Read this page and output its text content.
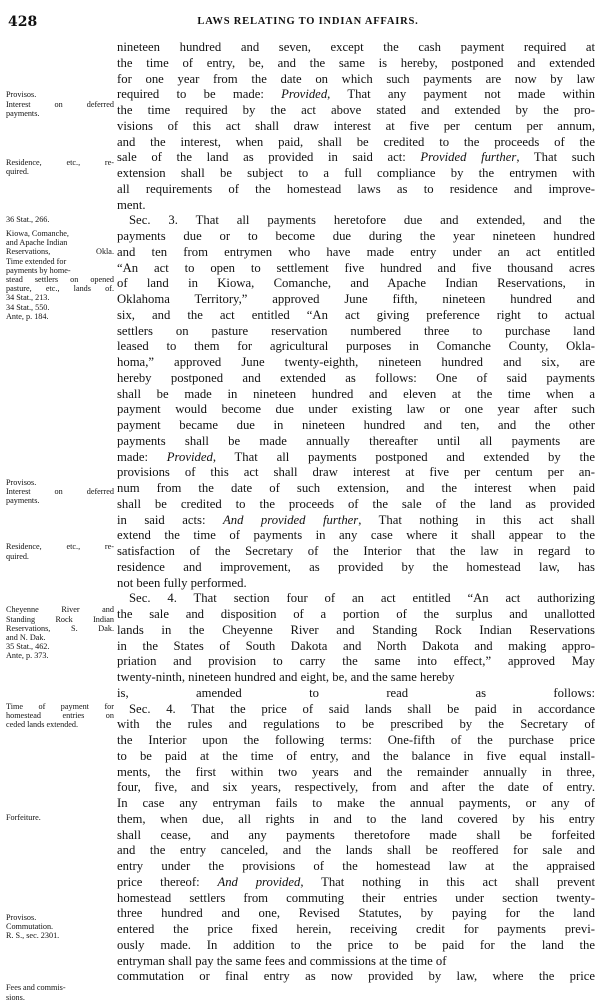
428	LAWS RELATING TO INDIAN AFFAIRS.
Provisos.
Interest on deferred
payments.
Residence, etc., re-
quired.
36 Stat., 266.
Kiowa, Comanche,
and Apache Indian
Reservations, Okla.
Time extended for
payments by home-
stead settlers on opened
pasture, etc., lands of.
34 Stat., 213.
34 Stat., 550.
Ante, p. 184.
Provisos.
Interest on deferred
payments.
Residence, etc., re-
quired.
Cheyenne River and
Standing Rock Indian
Reservations, S. Dak.
and N. Dak.
35 Stat., 462.
Ante, p. 373.
Time of payment for
homestead entries on
ceded lands extended.
Forfeiture.
Provisos.
Commutation.
R. S., sec. 2301.
Fees and commis-
sions.
nineteen hundred and seven, except the cash payment required at
the time of entry, be, and the same is hereby, postponed and extended
for one year from the date on which such payments are now by law
required to be made: Provided, That any payment not made within
the time required by the act above stated and extended by the pro-
visions of this act shall draw interest at five per centum per annum,
and the interest, when paid, shall be credited to the proceeds of the
sale of the land as provided in said act: Provided further, That such
extension shall be subject to a full compliance by the entrymen with
all requirements of the homestead laws as to residence and improve-
ment.
Sec. 3. That all payments heretofore due and extended, and the
payments due or to become due during the year nineteen hundred
and ten from entrymen who have made entry under an act entitled
“An act to open to settlement five hundred and five thousand acres
of land in Kiowa, Comanche, and Apache Indian Reservations, in
Oklahoma Territory,” approved June fifth, nineteen hundred and
six, and the act entitled “An act giving preference right to actual
settlers on pasture reservation numbered three to purchase land
leased to them for agricultural purposes in Comanche County, Okla-
homa,” approved June twenty-eighth, nineteen hundred and six, are
hereby postponed and extended as follows: One of said payments
shall be made in nineteen hundred and eleven at the time when a
payment would become due under existing law or one year after such
payment became due in nineteen hundred and ten, and the other
payments shall be made annually thereafter until all payments are
made: Provided, That all payments postponed and extended by the
provisions of this act shall draw interest at five per centum per an-
num from the date of such extension, and the interest when paid
shall be credited to the proceeds of the sale of the land as provided
in said acts: And provided further, That nothing in this act shall
extend the time of payments in any case where it shall appear to the
satisfaction of the Secretary of the Interior that the law in regard to
residence and improvement, as provided by the homestead law, has
not been fully performed.
Sec. 4. That section four of an act entitled “An act authorizing
the sale and disposition of a portion of the surplus and unallotted
lands in the Cheyenne River and Standing Rock Indian Reservations
in the States of South Dakota and North Dakota and making appro-
priation and provision to carry the same into effect,” approved May
twenty-ninth, nineteen hundred and eight, be, and the same hereby
is, amended to read as follows:
Sec. 4. That the price of said lands shall be paid in accordance
with the rules and regulations to be prescribed by the Secretary of
the Interior upon the following terms: One-fifth of the purchase price
to be paid at the time of entry, and the balance in five equal install-
ments, the first within two years and the remainder annually in three,
four, five, and six years, respectively, from and after the date of entry.
In case any entryman fails to make the annual payments, or any of
them, when due, all rights in and to the land covered by his entry
shall cease, and any payments theretofore made shall be forfeited
and the entry canceled, and the lands shall be reoffered for sale and
entry under the provisions of the homestead law at the appraised
price thereof: And provided, That nothing in this act shall prevent
homestead settlers from commuting their entries under section twenty-
three hundred and one, Revised Statutes, by paying for the land
entered the price fixed herein, receiving credit for payments previ-
ously made. In addition to the price to be paid for the land the
entryman shall pay the same fees and commissions at the time of
commutation or final entry as now provided by law, where the price
